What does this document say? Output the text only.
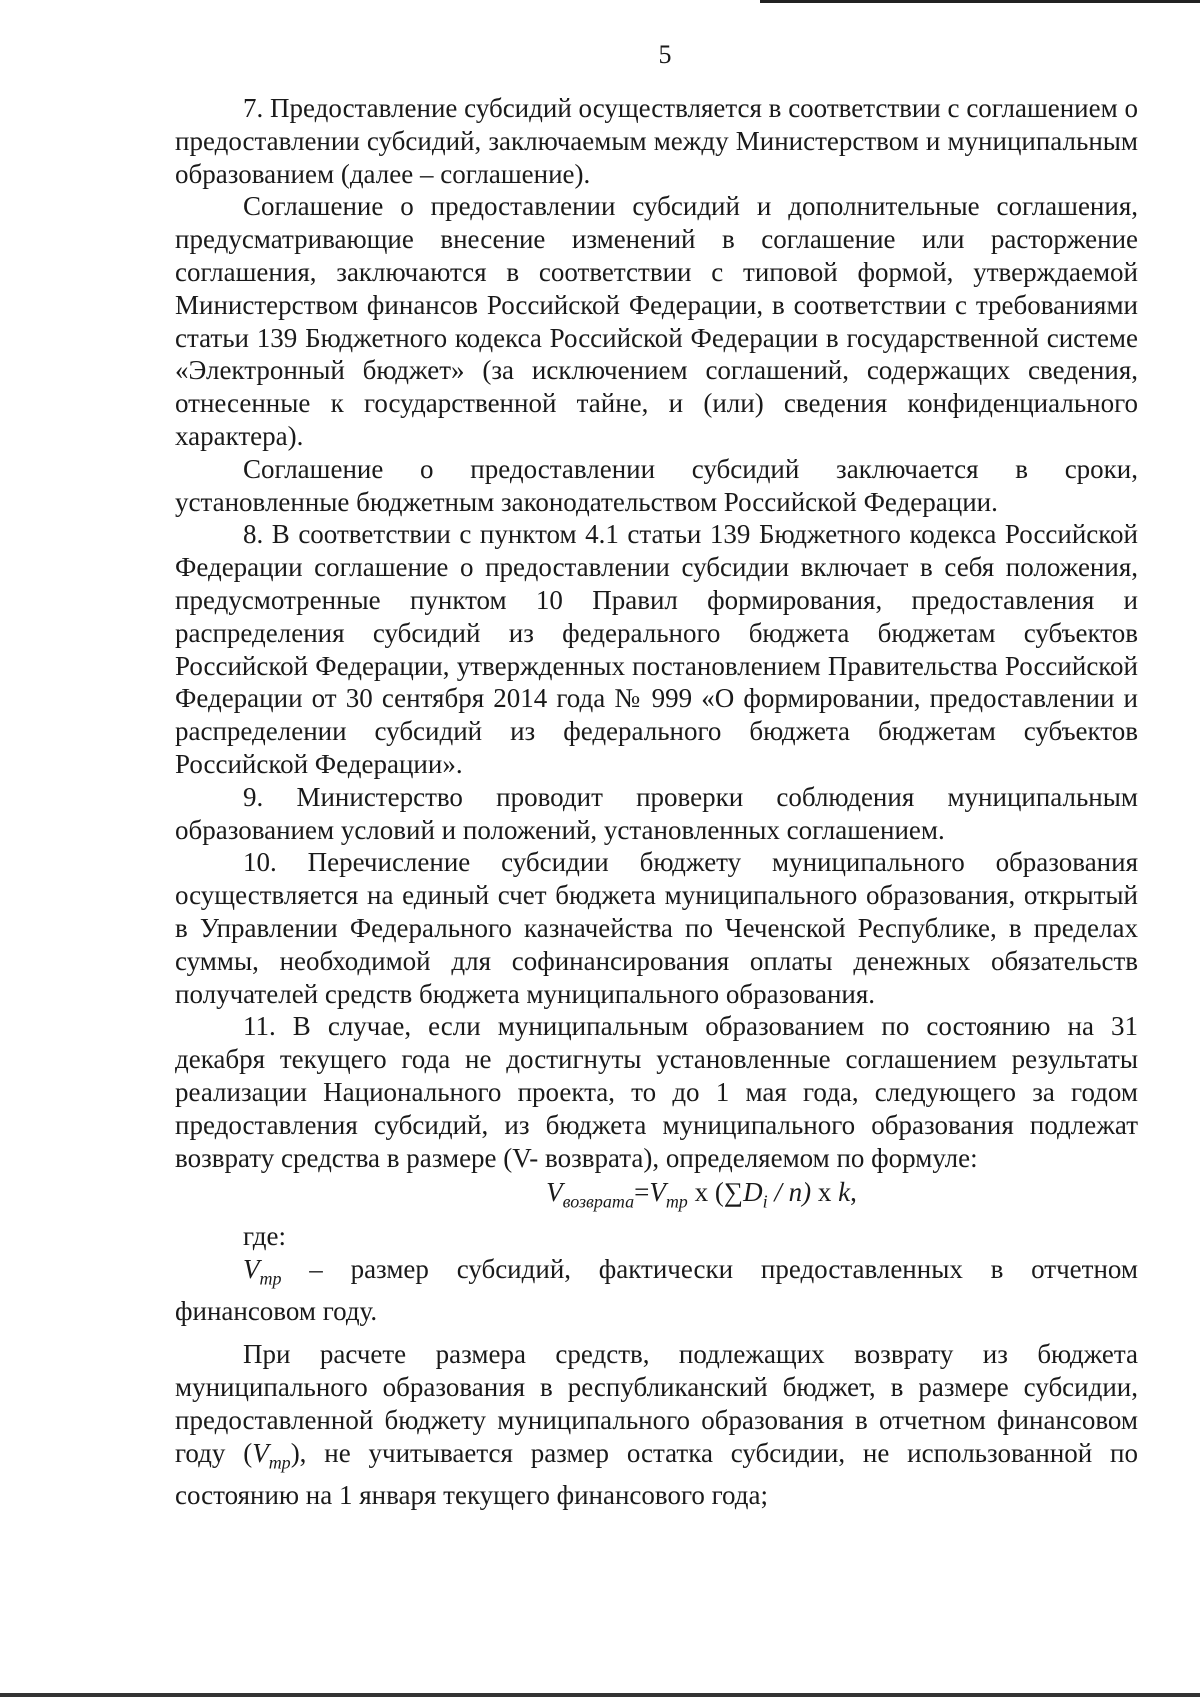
5

7. Предоставление субсидий осуществляется в соответствии с соглашением о предоставлении субсидий, заключаемым между Министерством и муниципальным образованием (далее – соглашение).

Соглашение о предоставлении субсидий и дополнительные соглашения, предусматривающие внесение изменений в соглашение или расторжение соглашения, заключаются в соответствии с типовой формой, утверждаемой Министерством финансов Российской Федерации, в соответствии с требованиями статьи 139 Бюджетного кодекса Российской Федерации в государственной системе «Электронный бюджет» (за исключением соглашений, содержащих сведения, отнесенные к государственной тайне, и (или) сведения конфиденциального характера).

Соглашение о предоставлении субсидий заключается в сроки, установленные бюджетным законодательством Российской Федерации.

8. В соответствии с пунктом 4.1 статьи 139 Бюджетного кодекса Российской Федерации соглашение о предоставлении субсидии включает в себя положения, предусмотренные пунктом 10 Правил формирования, предоставления и распределения субсидий из федерального бюджета бюджетам субъектов Российской Федерации, утвержденных постановлением Правительства Российской Федерации от 30 сентября 2014 года № 999 «О формировании, предоставлении и распределении субсидий из федерального бюджета бюджетам субъектов Российской Федерации».

9. Министерство проводит проверки соблюдения муниципальным образованием условий и положений, установленных соглашением.

10. Перечисление субсидии бюджету муниципального образования осуществляется на единый счет бюджета муниципального образования, открытый в Управлении Федерального казначейства по Чеченской Республике, в пределах суммы, необходимой для софинансирования оплаты денежных обязательств получателей средств бюджета муниципального образования.

11. В случае, если муниципальным образованием по состоянию на 31 декабря текущего года не достигнуты установленные соглашением результаты реализации Национального проекта, то до 1 мая года, следующего за годом предоставления субсидий, из бюджета муниципального образования подлежат возврату средства в размере (V- возврата), определяемом по формуле:

$V_{возврата}=V_{тр}$ x $(\sum D_i / n)$ x k,

где:

$V_{тр}$ – размер субсидий, фактически предоставленных в отчетном финансовом году.

При расчете размера средств, подлежащих возврату из бюджета муниципального образования в республиканский бюджет, в размере субсидии, предоставленной бюджету муниципального образования в отчетном финансовом году $(V_{тр})$, не учитывается размер остатка субсидии, не использованной по состоянию на 1 января текущего финансового года;
